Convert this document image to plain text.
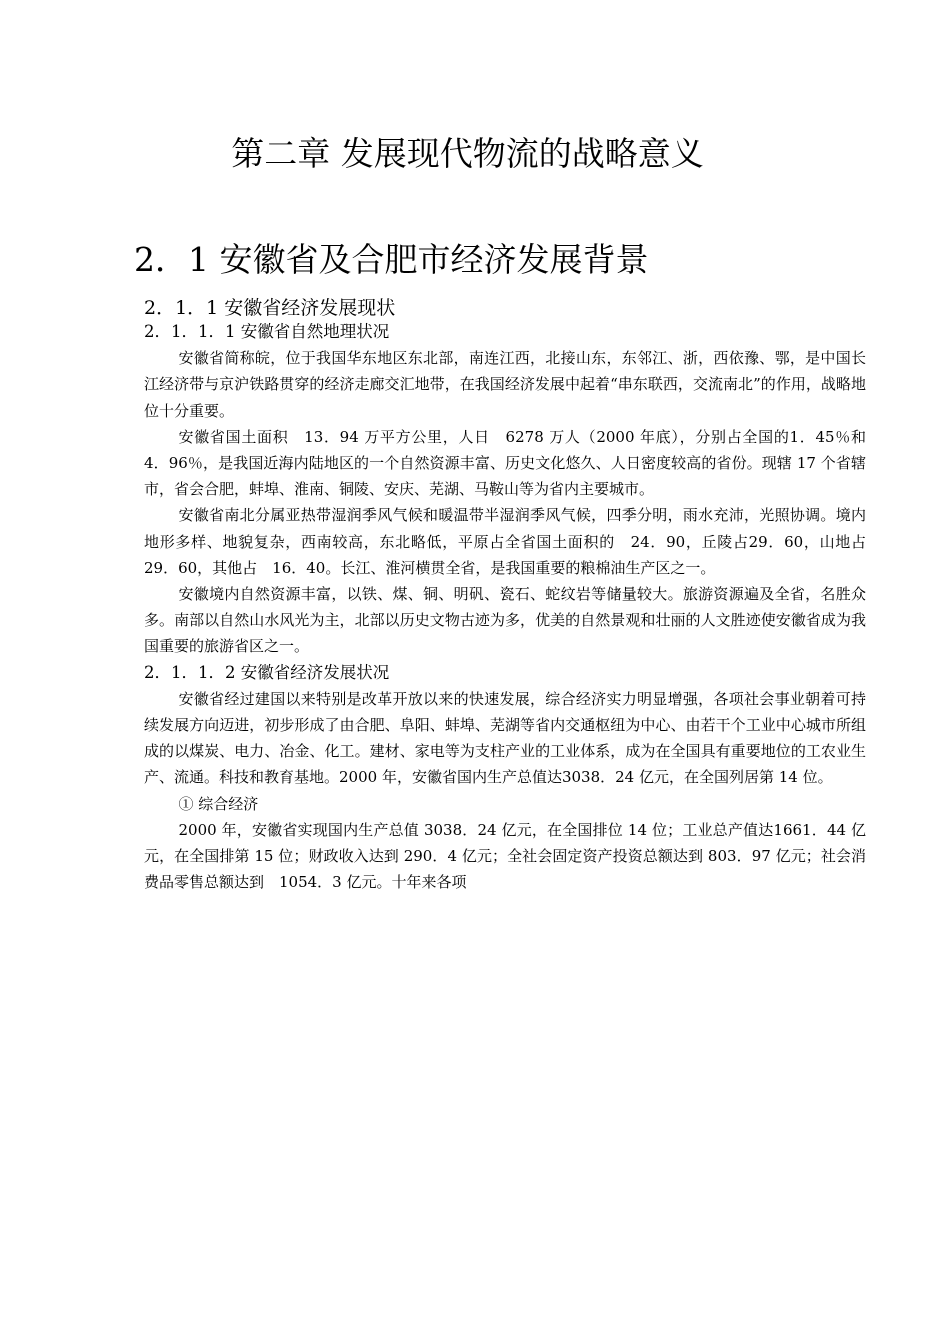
第二章 发展现代物流的战略意义
2．1 安徽省及合肥市经济发展背景
2．1．1 安徽省经济发展现状
2．1．1．1 安徽省自然地理状况

安徽省简称皖，位于我国华东地区东北部，南连江西，北接山东，东邻江、浙，西依豫、鄂，是中国长江经济带与京沪铁路贯穿的经济走廊交汇地带，在我国经济发展中起着“串东联西，交流南北”的作用，战略地位十分重要。

安徽省国土面积　13．94 万平方公里，人日　6278 万人（2000 年底），分别占全国的1．45％和　4．96％，是我国近海内陆地区的一个自然资源丰富、历史文化悠久、人日密度较高的省份。现辖 17 个省辖市，省会合肥，蚌埠、淮南、铜陵、安庆、芜湖、马鞍山等为省内主要城市。

安徽省南北分属亚热带湿润季风气候和暖温带半湿润季风气候，四季分明，雨水充沛，光照协调。境内地形多样、地貌复杂，西南较高，东北略低，平原占全省国土面积的　24．90，丘陵占29．60，山地占　29．60，其他占　16．40。长江、淮河横贯全省，是我国重要的粮棉油生产区之一。

安徽境内自然资源丰富，以铁、煤、铜、明矾、瓷石、蛇纹岩等储量较大。旅游资源遍及全省，名胜众多。南部以自然山水风光为主，北部以历史文物古迹为多，优美的自然景观和壮丽的人文胜迹使安徽省成为我国重要的旅游省区之一。

2．1．1．2 安徽省经济发展状况

安徽省经过建国以来特别是改革开放以来的快速发展，综合经济实力明显增强，各项社会事业朝着可持续发展方向迈进，初步形成了由合肥、阜阳、蚌埠、芜湖等省内交通枢纽为中心、由若干个工业中心城市所组成的以煤炭、电力、冶金、化工。建材、家电等为支柱产业的工业体系，成为在全国具有重要地位的工农业生产、流通。科技和教育基地。2000 年，安徽省国内生产总值达3038．24 亿元，在全国列居第 14 位。

① 综合经济

2000 年，安徽省实现国内生产总值 3038．24 亿元，在全国排位 14 位；工业总产值达1661．44 亿元，在全国排第 15 位；财政收入达到 290．4 亿元；全社会固定资产投资总额达到 803．97 亿元；社会消费品零售总额达到　1054．3 亿元。十年来各项
